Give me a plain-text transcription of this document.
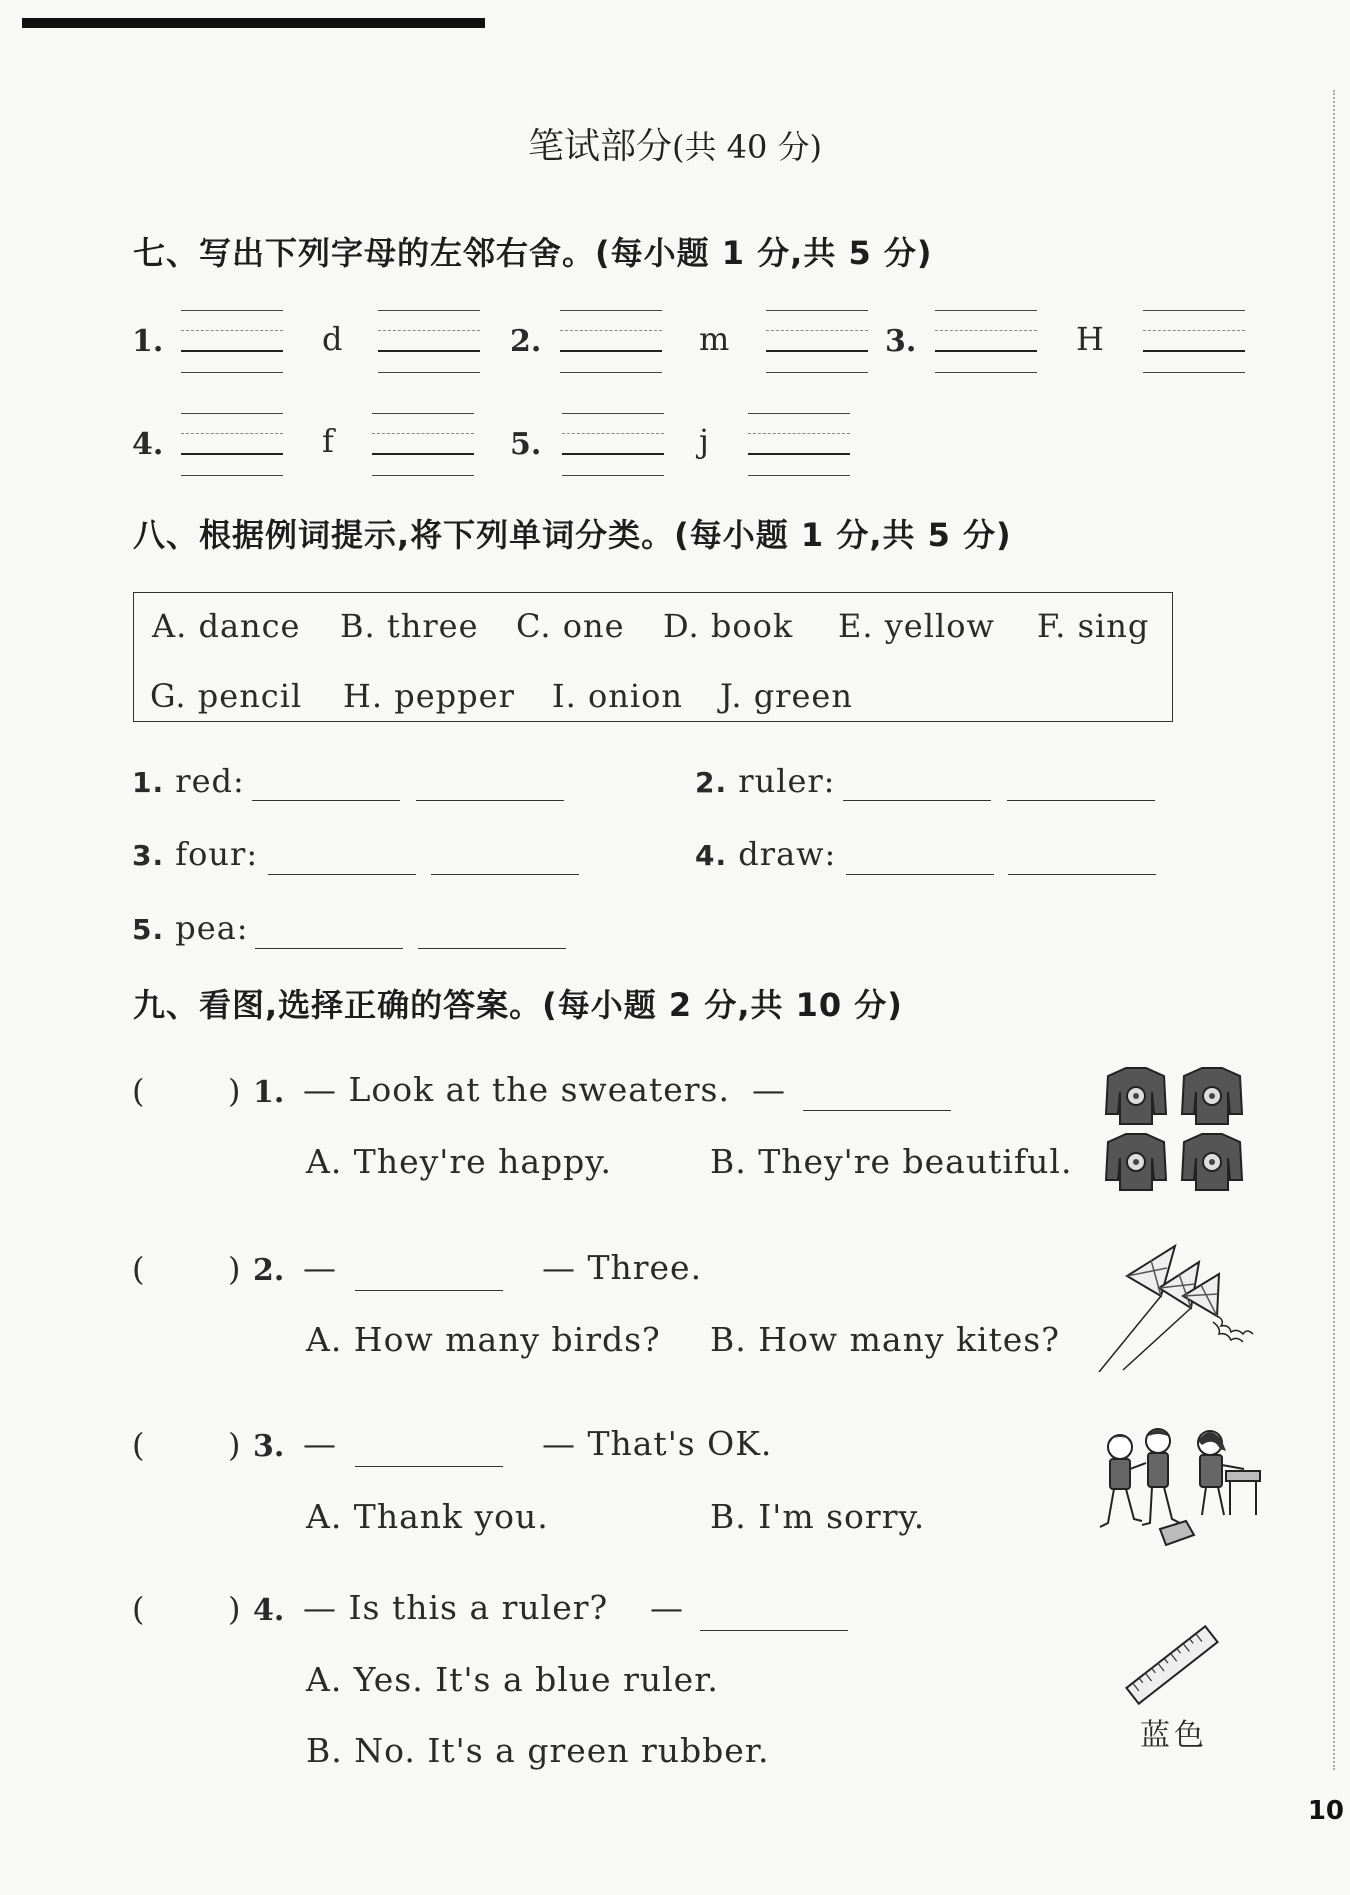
笔试部分(共 40 分)
七、写出下列字母的左邻右舍。(每小题 1 分,共 5 分)
1.	d	2.	m	3.	H
4.	f	5.	j
八、根据例词提示,将下列单词分类。(每小题 1 分,共 5 分)
A. dance B. three C. one D. book E. yellow F. sing
G. pencil H. pepper I. onion J. green
1. red:	2. ruler:
3. four:	4. draw:
5. pea:
九、看图,选择正确的答案。(每小题 2 分,共 10 分)
(	) 1. — Look at the sweaters. —
A. They're happy.	B. They're beautiful.
(	) 2. —	— Three.
A. How many birds? B. How many kites?
(	) 3. —	— That's OK.
A. Thank you.	B. I'm sorry.
(	) 4. — Is this a ruler? —
A. Yes. It's a blue ruler.
B. No. It's a green rubber.	蓝色
10
